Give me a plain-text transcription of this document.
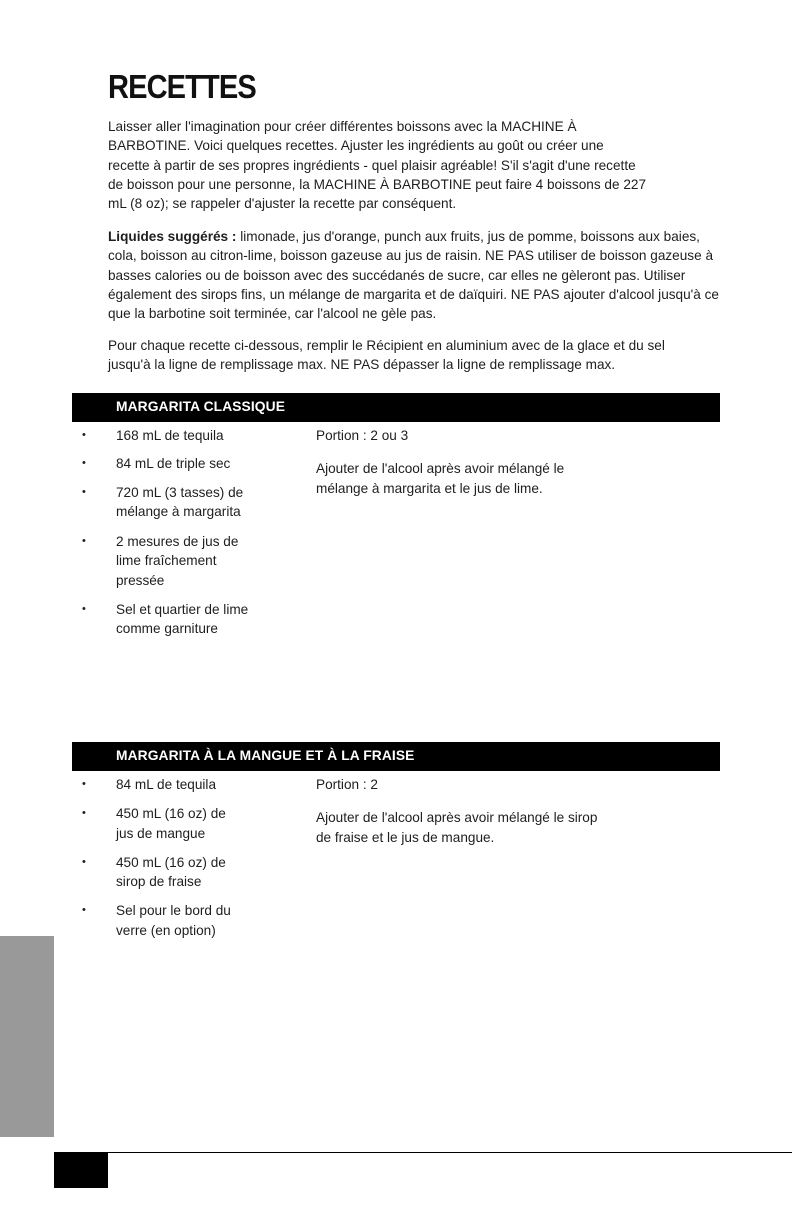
RECETTES

Laisser aller l'imagination pour créer différentes boissons avec la MACHINE À BARBOTINE. Voici quelques recettes. Ajuster les ingrédients au goût ou créer une recette à partir de ses propres ingrédients - quel plaisir agréable! S'il s'agit d'une recette de boisson pour une personne, la MACHINE À BARBOTINE peut faire 4 boissons de 227 mL (8 oz); se rappeler d'ajuster la recette par conséquent.

Liquides suggérés : limonade, jus d'orange, punch aux fruits, jus de pomme, boissons aux baies, cola, boisson au citron-lime, boisson gazeuse au jus de raisin. NE PAS utiliser de boisson gazeuse à basses calories ou de boisson avec des succédanés de sucre, car elles ne gèleront pas. Utiliser également des sirops fins, un mélange de margarita et de daïquiri. NE PAS ajouter d'alcool jusqu'à ce que la barbotine soit terminée, car l'alcool ne gèle pas.

Pour chaque recette ci-dessous, remplir le Récipient en aluminium avec de la glace et du sel jusqu'à la ligne de remplissage max. NE PAS dépasser la ligne de remplissage max.

MARGARITA CLASSIQUE
• 168 mL de tequila
• 84 mL de triple sec
• 720 mL (3 tasses) de mélange à margarita
• 2 mesures de jus de lime fraîchement pressée
• Sel et quartier de lime comme garniture

Portion : 2 ou 3

Ajouter de l'alcool après avoir mélangé le mélange à margarita et le jus de lime.

MARGARITA À LA MANGUE ET À LA FRAISE
• 84 mL de tequila
• 450 mL (16 oz) de jus de mangue
• 450 mL (16 oz) de sirop de fraise
• Sel pour le bord du verre (en option)

Portion : 2

Ajouter de l'alcool après avoir mélangé le sirop de fraise et le jus de mangue.
